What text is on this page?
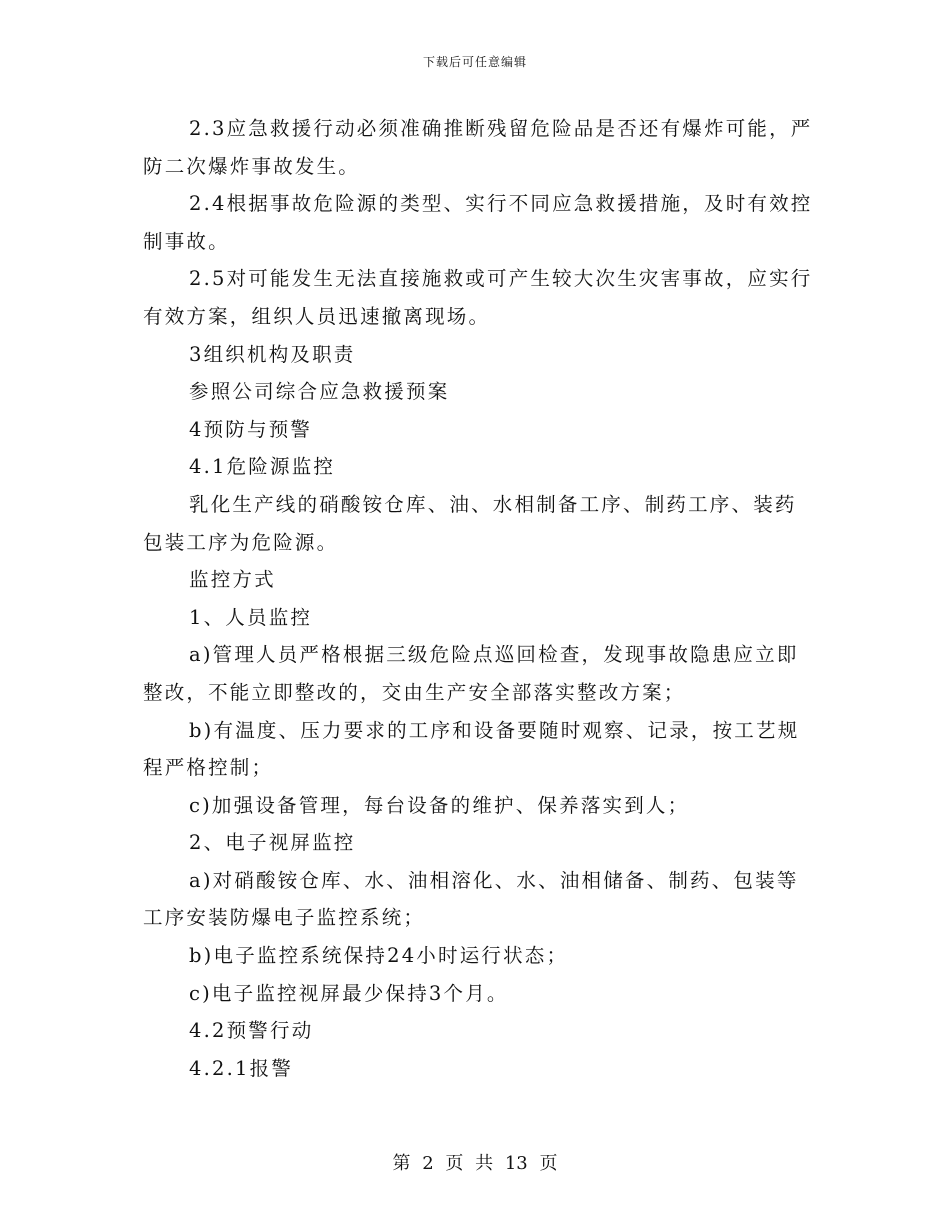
下载后可任意编辑
2.3应急救援行动必须准确推断残留危险品是否还有爆炸可能，严
防二次爆炸事故发生。
2.4根据事故危险源的类型、实行不同应急救援措施，及时有效控
制事故。
2.5对可能发生无法直接施救或可产生较大次生灾害事故，应实行
有效方案，组织人员迅速撤离现场。
3组织机构及职责
参照公司综合应急救援预案
4预防与预警
4.1危险源监控
乳化生产线的硝酸铵仓库、油、水相制备工序、制药工序、装药
包装工序为危险源。
监控方式
1、人员监控
a)管理人员严格根据三级危险点巡回检查，发现事故隐患应立即
整改，不能立即整改的，交由生产安全部落实整改方案；
b)有温度、压力要求的工序和设备要随时观察、记录，按工艺规
程严格控制；
c)加强设备管理，每台设备的维护、保养落实到人；
2、电子视屏监控
a)对硝酸铵仓库、水、油相溶化、水、油相储备、制药、包装等
工序安装防爆电子监控系统；
b)电子监控系统保持24小时运行状态；
c)电子监控视屏最少保持3个月。
4.2预警行动
4.2.1报警
第 2 页 共 13 页
